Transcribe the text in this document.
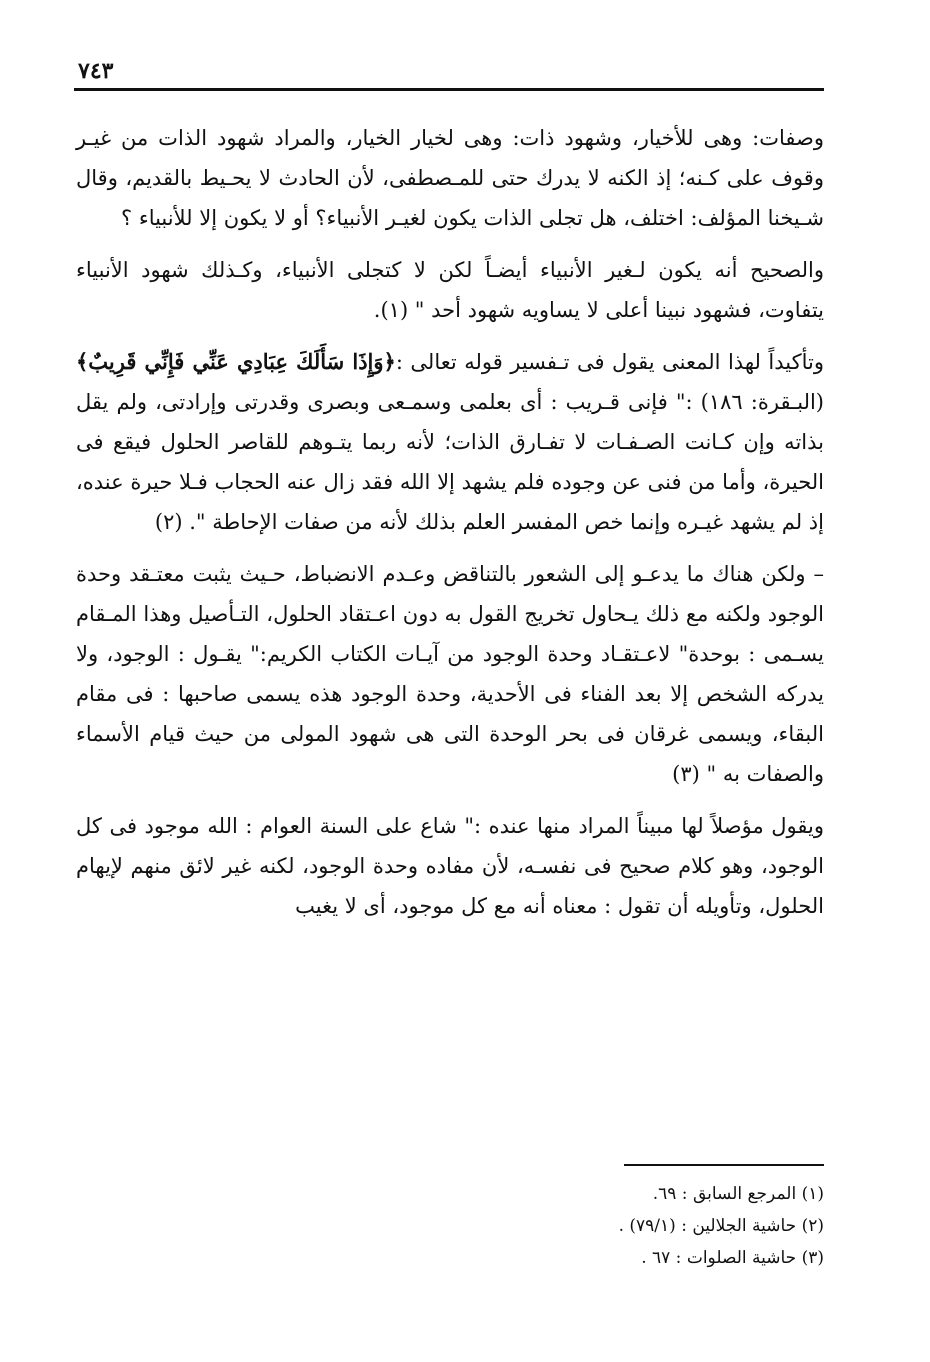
٧٤٣

وصفات: وهى للأخيار، وشهود ذات: وهى لخيار الخيار، والمراد شهود الذات من غيـر وقوف على كـنه؛ إذ الكنه لا يدرك حتى للمـصطفى، لأن الحادث لا يحـيط بالقديم، وقال شـيخنا المؤلف: اختلف، هل تجلى الذات يكون لغيـر الأنبياء؟ أو لا يكون إلا للأنبياء ؟

والصحيح أنه يكون لـغير الأنبياء أيضـاً لكن لا كتجلى الأنبياء، وكـذلك شهود الأنبياء يتفاوت، فشهود نبينا أعلى لا يساويه شهود أحد " (١).

وتأكيداً لهذا المعنى يقول فى تـفسير قوله تعالى :﴿وَإِذَا سَأَلَكَ عِبَادِي عَنِّي فَإِنِّي قَرِيبٌ﴾ (البـقرة: ١٨٦) :" فإنى قـريب : أى بعلمى وسمـعى وبصرى وقدرتى وإرادتى، ولم يقل بذاته وإن كـانت الصـفـات لا تفـارق الذات؛ لأنه ربما يتـوهم للقاصر الحلول فيقع فى الحيرة، وأما من فنى عن وجوده فلم يشهد إلا الله فقد زال عنه الحجاب فـلا حيرة عنده، إذ لم يشهد غيـره وإنما خص المفسر العلم بذلك لأنه من صفات الإحاطة ". (٢)

– ولكن هناك ما يدعـو إلى الشعور بالتناقض وعـدم الانضباط، حـيث يثبت معتـقد وحدة الوجود ولكنه مع ذلك يـحاول تخريج القول به دون اعـتقاد الحلول، التـأصيل وهذا المـقام يسـمى : بوحدة" لاعـتقـاد وحدة الوجود من آيـات الكتاب الكريم:" يقـول : الوجود، ولا يدركه الشخص إلا بعد الفناء فى الأحدية، وحدة الوجود هذه يسمى صاحبها : فى مقام البقاء، ويسمى غرقان فى بحر الوحدة التى هى شهود المولى من حيث قيام الأسماء والصفات به " (٣)

ويقول مؤصلاً لها مبيناً المراد منها عنده :" شاع على السنة العوام : الله موجود فى كل الوجود، وهو كلام صحيح فى نفسـه، لأن مفاده وحدة الوجود، لكنه غير لائق منهم لإيهام الحلول، وتأويله أن تقول : معناه أنه مع كل موجود، أى لا يغيب

(١) المرجع السابق : ٦٩.
(٢) حاشية الجلالين : (٧٩/١) .
(٣) حاشية الصلوات : ٦٧ .
